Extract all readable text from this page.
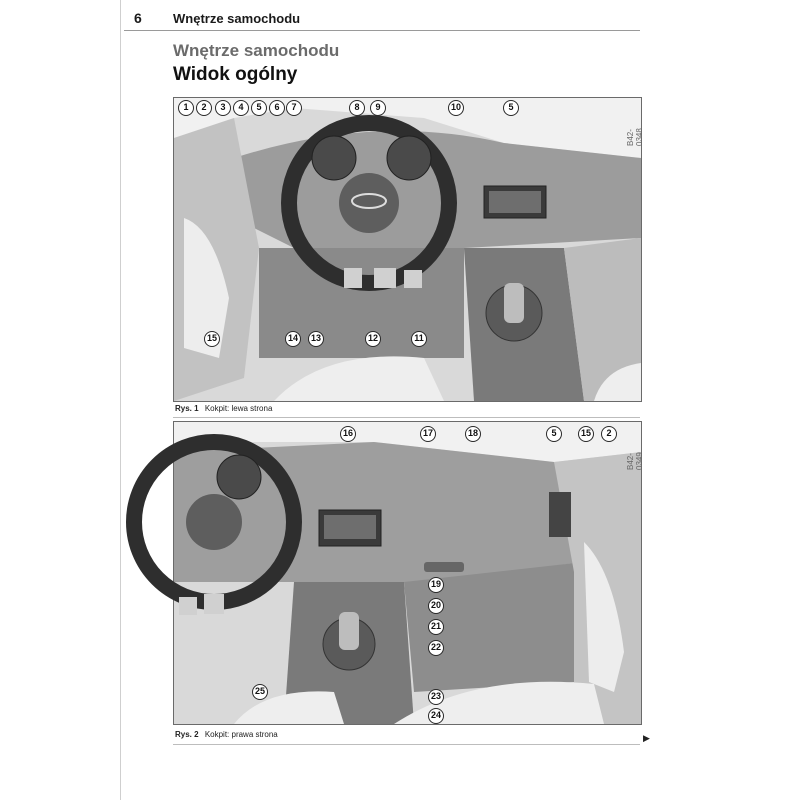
6 Wnętrze samochodu
Wnętrze samochodu
Widok ogólny
B42-0348
1	2	3	4	5	6	7	8	9	10	5
15	14	13	12	11
Rys. 1 Kokpit: lewa strona
B42-0349
16	17	18	5	15	2
19
20
21
22
25	23
24
Rys. 2 Kokpit: prawa strona	▶
